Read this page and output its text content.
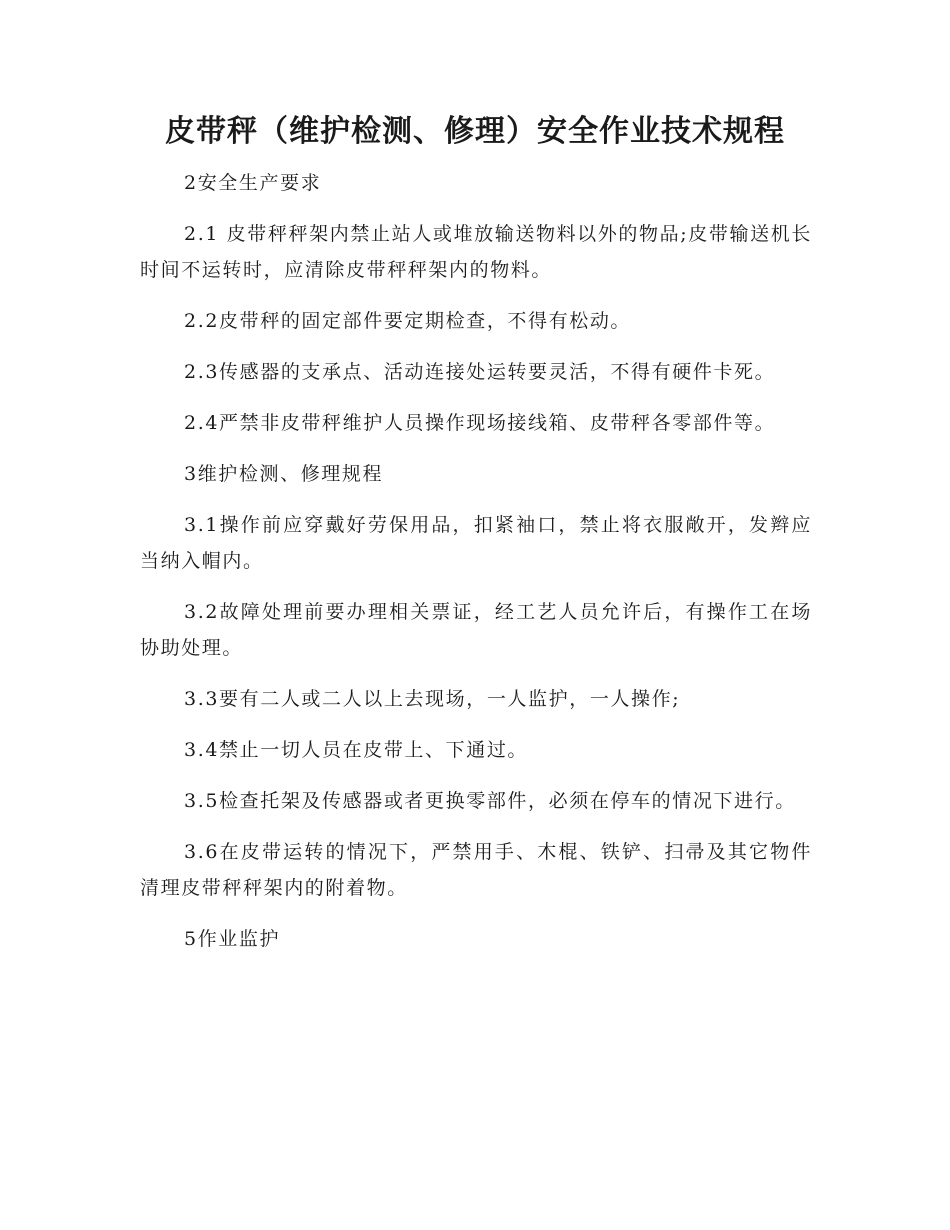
皮带秤（维护检测、修理）安全作业技术规程

2安全生产要求

2.1 皮带秤秤架内禁止站人或堆放输送物料以外的物品;皮带输送机长时间不运转时，应清除皮带秤秤架内的物料。

2.2皮带秤的固定部件要定期检查，不得有松动。

2.3传感器的支承点、活动连接处运转要灵活，不得有硬件卡死。

2.4严禁非皮带秤维护人员操作现场接线箱、皮带秤各零部件等。

3维护检测、修理规程

3.1操作前应穿戴好劳保用品，扣紧袖口，禁止将衣服敞开，发辫应当纳入帽内。

3.2故障处理前要办理相关票证，经工艺人员允许后，有操作工在场协助处理。

3.3要有二人或二人以上去现场，一人监护，一人操作;

3.4禁止一切人员在皮带上、下通过。

3.5检查托架及传感器或者更换零部件，必须在停车的情况下进行。

3.6在皮带运转的情况下，严禁用手、木棍、铁铲、扫帚及其它物件清理皮带秤秤架内的附着物。

5作业监护
